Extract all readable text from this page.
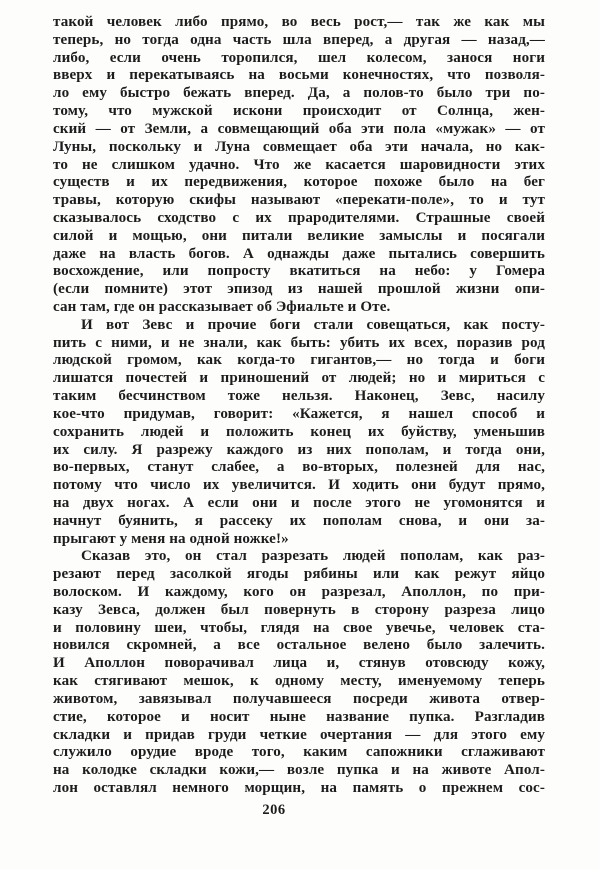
такой человек либо прямо, во весь рост,— так же как мы
теперь, но тогда одна часть шла вперед, а другая — назад,—
либо, если очень торопился, шел колесом, занося ноги
вверх и перекатываясь на восьми конечностях, что позволя-
ло ему быстро бежать вперед. Да, а полов-то было три по-
тому, что мужской искони происходит от Солнца, жен-
ский — от Земли, а совмещающий оба эти пола «мужак» — от
Луны, поскольку и Луна совмещает оба эти начала, но как-
то не слишком удачно. Что же касается шаровидности этих
существ и их передвижения, которое похоже было на бег
травы, которую скифы называют «перекати-поле», то и тут
сказывалось сходство с их прародителями. Страшные своей
силой и мощью, они питали великие замыслы и посягали
даже на власть богов. А однажды даже пытались совершить
восхождение, или попросту вкатиться на небо: у Гомера
(если помните) этот эпизод из нашей прошлой жизни опи-
сан там, где он рассказывает об Эфиальте и Оте.
И вот Зевс и прочие боги стали совещаться, как посту-
пить с ними, и не знали, как быть: убить их всех, поразив род
людской громом, как когда-то гигантов,— но тогда и боги
лишатся почестей и приношений от людей; но и мириться с
таким бесчинством тоже нельзя. Наконец, Зевс, насилу
кое-что придумав, говорит: «Кажется, я нашел способ и
сохранить людей и положить конец их буйству, уменьшив
их силу. Я разрежу каждого из них пополам, и тогда они,
во-первых, станут слабее, а во-вторых, полезней для нас,
потому что число их увеличится. И ходить они будут прямо,
на двух ногах. А если они и после этого не угомонятся и
начнут буянить, я рассеку их пополам снова, и они за-
прыгают у меня на одной ножке!»
Сказав это, он стал разрезать людей пополам, как раз-
резают перед засолкой ягоды рябины или как режут яйцо
волоском. И каждому, кого он разрезал, Аполлон, по при-
казу Зевса, должен был повернуть в сторону разреза лицо
и половину шеи, чтобы, глядя на свое увечье, человек ста-
новился скромней, а все остальное велено было залечить.
И Аполлон поворачивал лица и, стянув отовсюду кожу,
как стягивают мешок, к одному месту, именуемому теперь
животом, завязывал получавшееся посреди живота отвер-
стие, которое и носит ныне название пупка. Разгладив
складки и придав груди четкие очертания — для этого ему
служило орудие вроде того, каким сапожники сглаживают
на колодке складки кожи,— возле пупка и на животе Апол-
лон оставлял немного морщин, на память о прежнем сос-
206
